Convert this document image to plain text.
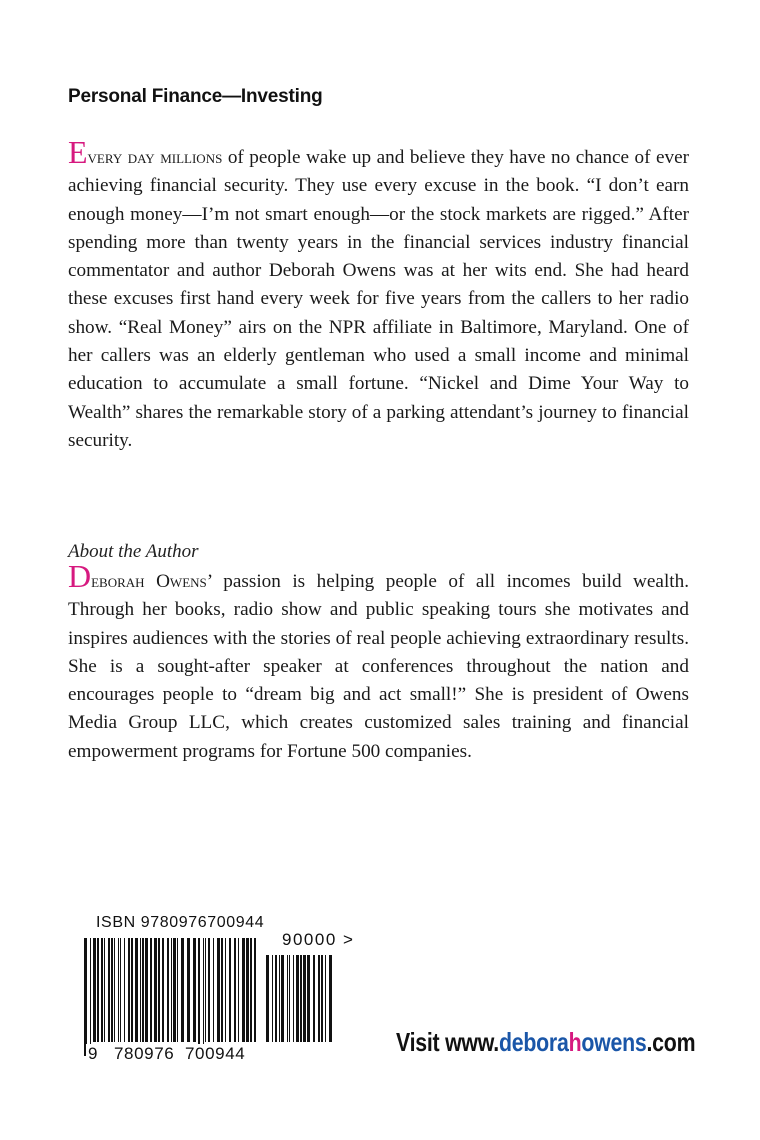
Personal Finance—Investing
Every day millions of people wake up and believe they have no chance of ever achieving financial security. They use every excuse in the book. “I don’t earn enough money—I’m not smart enough—or the stock markets are rigged.” After spending more than twenty years in the financial services industry financial commentator and author Deborah Owens was at her wits end. She had heard these excuses first hand every week for five years from the callers to her radio show. “Real Money” airs on the NPR affiliate in Baltimore, Maryland. One of her callers was an elderly gentleman who used a small income and minimal education to accumulate a small fortune. “Nickel and Dime Your Way to Wealth” shares the remarkable story of a parking attendant’s journey to financial security.
About the Author
Deborah Owens’ passion is helping people of all incomes build wealth. Through her books, radio show and public speaking tours she motivates and inspires audiences with the stories of real people achieving extraordinary results. She is a sought-after speaker at conferences throughout the nation and encourages people to “dream big and act small!” She is president of Owens Media Group LLC, which creates customized sales training and financial empowerment programs for Fortune 500 companies.
ISBN 9780976700944
90000 >
9 780976 700944	Visit www.deborahowens.com
